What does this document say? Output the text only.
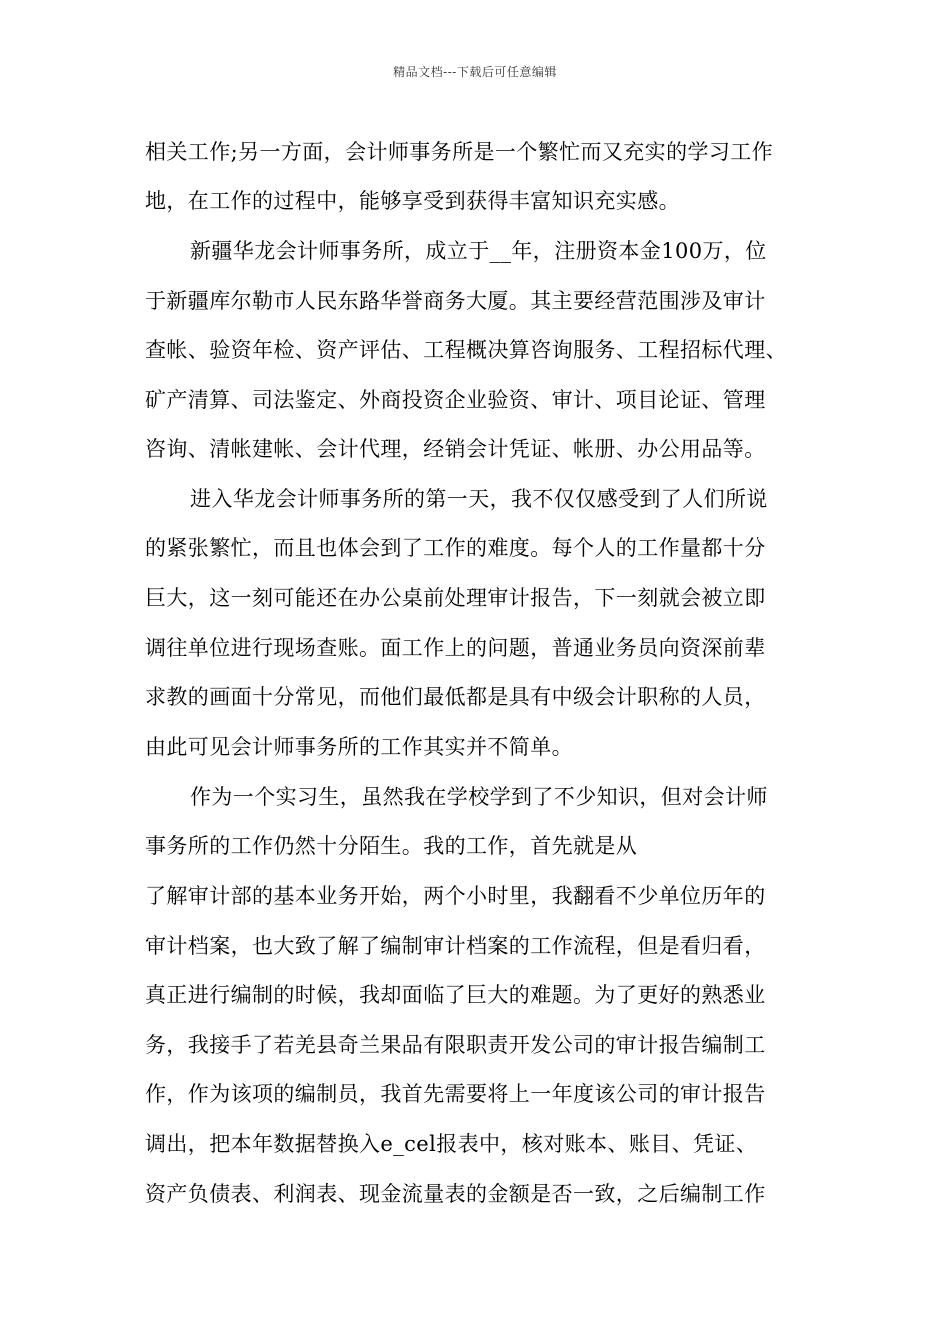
精品文档---下载后可任意编辑
相关工作;另一方面，会计师事务所是一个繁忙而又充实的学习工作
地，在工作的过程中，能够享受到获得丰富知识充实感。
新疆华龙会计师事务所，成立于__年，注册资本金100万，位
于新疆库尔勒市人民东路华誉商务大厦。其主要经营范围涉及审计
查帐、验资年检、资产评估、工程概决算咨询服务、工程招标代理、
矿产清算、司法鉴定、外商投资企业验资、审计、项目论证、管理
咨询、清帐建帐、会计代理，经销会计凭证、帐册、办公用品等。
进入华龙会计师事务所的第一天，我不仅仅感受到了人们所说
的紧张繁忙，而且也体会到了工作的难度。每个人的工作量都十分
巨大，这一刻可能还在办公桌前处理审计报告，下一刻就会被立即
调往单位进行现场查账。面工作上的问题，普通业务员向资深前辈
求教的画面十分常见，而他们最低都是具有中级会计职称的人员，
由此可见会计师事务所的工作其实并不简单。
作为一个实习生，虽然我在学校学到了不少知识，但对会计师
事务所的工作仍然十分陌生。我的工作，首先就是从
了解审计部的基本业务开始，两个小时里，我翻看不少单位历年的
审计档案，也大致了解了编制审计档案的工作流程，但是看归看，
真正进行编制的时候，我却面临了巨大的难题。为了更好的熟悉业
务，我接手了若羌县奇兰果品有限职责开发公司的审计报告编制工
作，作为该项的编制员，我首先需要将上一年度该公司的审计报告
调出，把本年数据替换入e_cel报表中，核对账本、账目、凭证、
资产负债表、利润表、现金流量表的金额是否一致，之后编制工作
